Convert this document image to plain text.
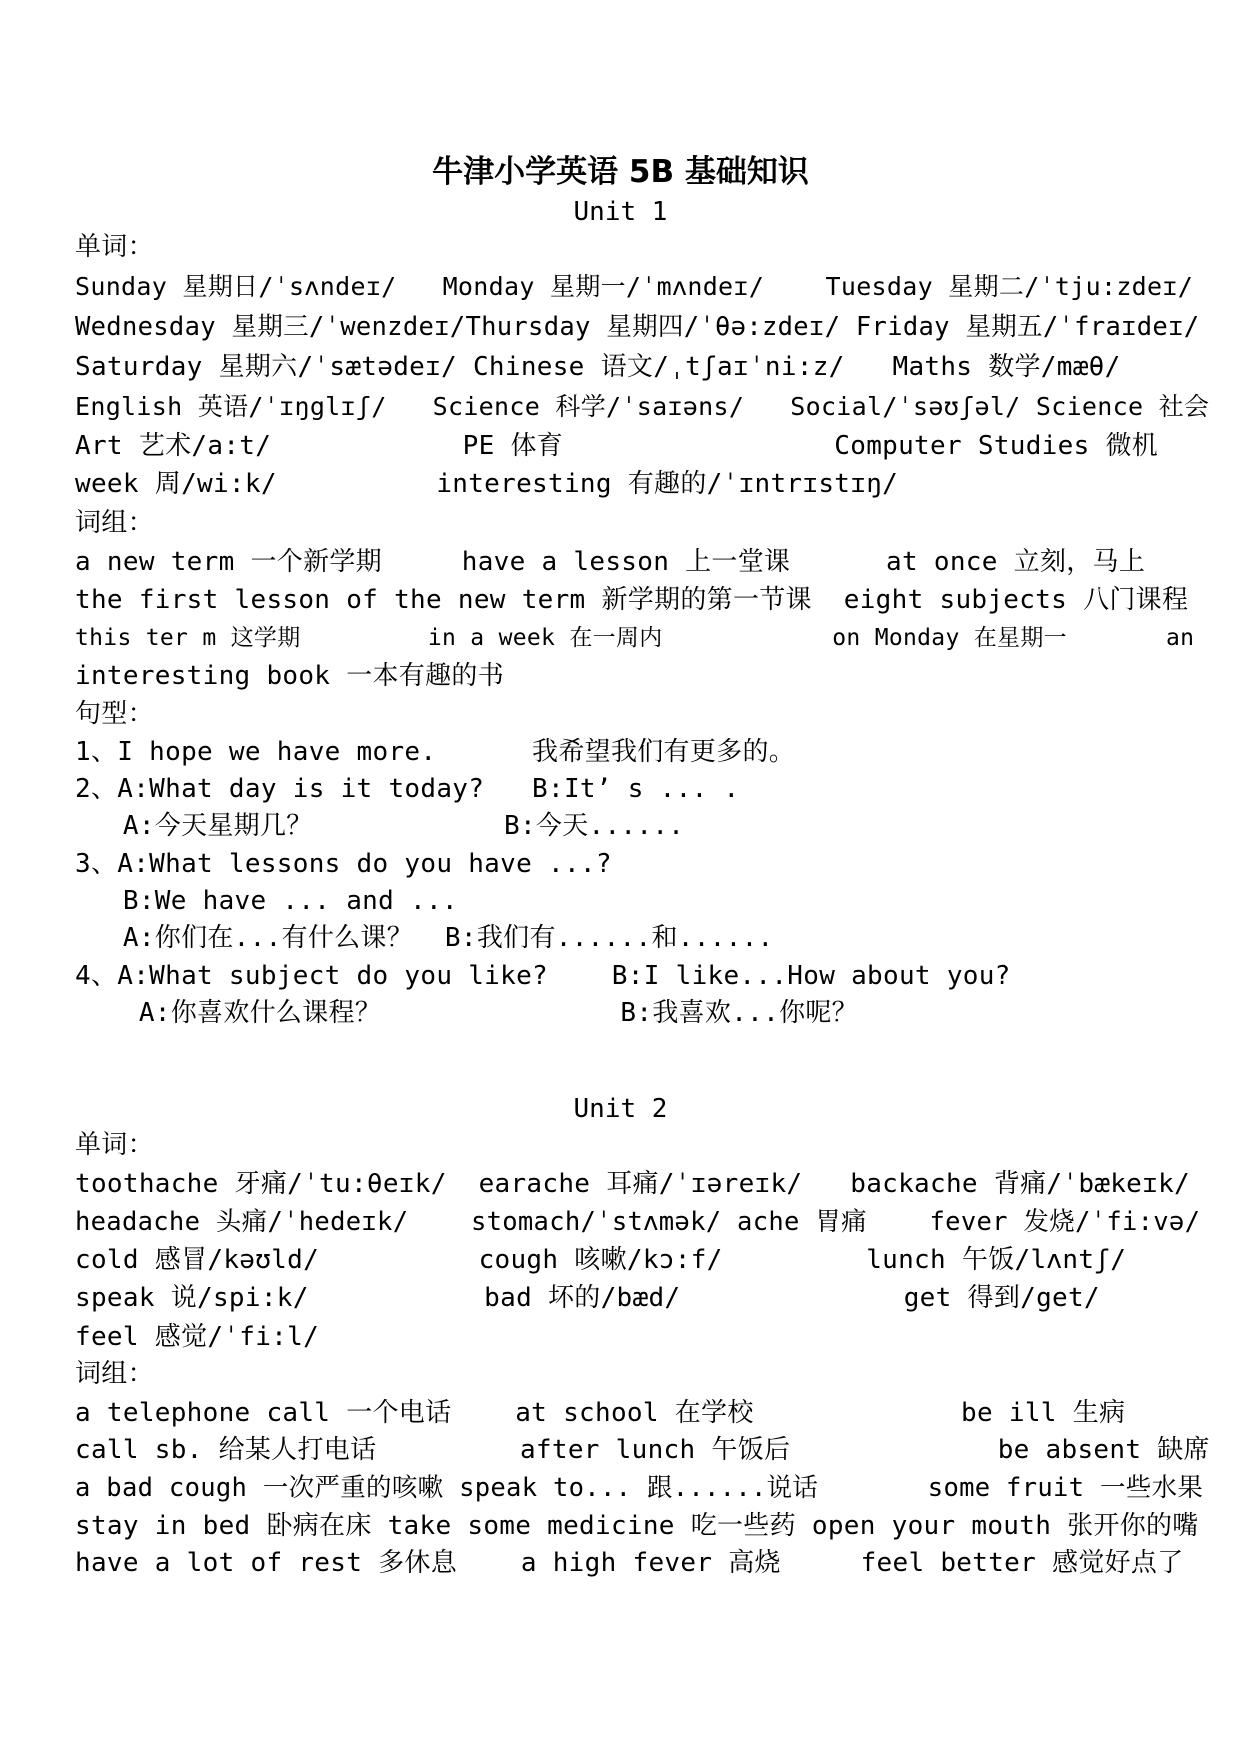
牛津小学英语 5B 基础知识
Unit 1
单词：
Sunday 星期日/ˈsʌndeɪ/   Monday 星期一/ˈmʌndeɪ/    Tuesday 星期二/ˈtju:zdeɪ/
Wednesday 星期三/ˈwenzdeɪ/Thursday 星期四/ˈθə:zdeɪ/ Friday 星期五/ˈfraɪdeɪ/
Saturday 星期六/ˈsætədeɪ/ Chinese 语文/ˌtʃaɪˈni:z/   Maths 数学/mæθ/
English 英语/ˈɪŋglɪʃ/   Science 科学/ˈsaɪəns/   Social/ˈsəʊʃəl/ Science 社会
Art 艺术/a:t/            PE 体育                 Computer Studies 微机
week 周/wi:k/          interesting 有趣的/ˈɪntrɪstɪŋ/
词组：
a new term 一个新学期     have a lesson 上一堂课      at once 立刻，马上
the first lesson of the new term 新学期的第一节课  eight subjects 八门课程
this ter m 这学期         in a week 在一周内            on Monday 在星期一       an
interesting book 一本有趣的书
句型：
1、I hope we have more.      我希望我们有更多的。
2、A:What day is it today?   B:It’ s ... .
A:今天星期几？            B:今天......
3、A:What lessons do you have ...?
B:We have ... and ...
A:你们在...有什么课？  B:我们有......和......
4、A:What subject do you like?    B:I like...How about you?
A:你喜欢什么课程？               B:我喜欢...你呢？
Unit 2
单词：
toothache 牙痛/ˈtu:θeɪk/  earache 耳痛/ˈɪəreɪk/   backache 背痛/ˈbækeɪk/
headache 头痛/ˈhedeɪk/    stomach/ˈstʌmək/ ache 胃痛    fever 发烧/ˈfi:və/
cold 感冒/kəʊld/          cough 咳嗽/kɔ:f/         lunch 午饭/lʌntʃ/
speak 说/spi:k/           bad 坏的/bæd/              get 得到/get/
feel 感觉/ˈfi:l/
词组：
a telephone call 一个电话    at school 在学校             be ill 生病
call sb. 给某人打电话         after lunch 午饭后             be absent 缺席
a bad cough 一次严重的咳嗽 speak to... 跟......说话       some fruit 一些水果
stay in bed 卧病在床 take some medicine 吃一些药 open your mouth 张开你的嘴
have a lot of rest 多休息    a high fever 高烧     feel better 感觉好点了
